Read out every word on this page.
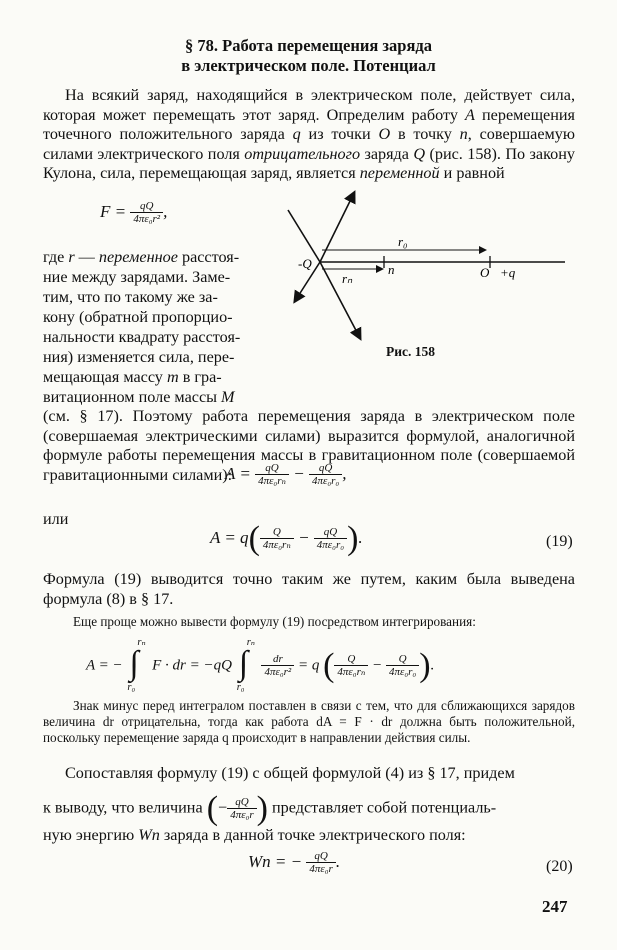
§ 78. Работа перемещения заряда
в электрическом поле. Потенциал
На всякий заряд, находящийся в электрическом поле, действует сила, которая может перемещать этот заряд. Определим работу A перемещения точечного положительного заряда q из точки O в точку n, совершаемую силами электрического поля отрицательного заряда Q (рис. 158). По закону Кулона, сила, перемещающая заряд, является переменной и равной
$F = \frac{qQ}{\text{4πε₀r²}}$ ,
где r — переменное расстоя-
ние между зарядами. Заме-
тим, что по такому же за-
кону (обратной пропорцио-
нальности квадрату расстоя-
ния) изменяется сила, пере-
мещающая массу m в гра-
витационном поле массы M
-Q
r₀
rₙ
n	O +q
Рис. 158
(см. § 17). Поэтому работа перемещения заряда в электрическом поле (совершаемая электрическими силами) выразится формулой, аналогичной формуле работы перемещения массы в гравитационном поле (совершаемой гравитационными силами):
$A = \frac{qQ}{\text{4πε₀rₙ}} - \frac{qQ}{\text{4πε₀r₀}}$ ,
или
$A = q( \frac{Q}{\text{4πε₀rₙ}} - \frac{qQ}{\text{4πε₀r₀}}$ ).	(19)
Формула (19) выводится точно таким же путем, каким была выведена формула (8) в § 17.
Еще проще можно вывести формулу (19) посредством интегрирования:
A = − ∫
rₙ
r₀
F · dr = −qQ ∫
rₙ
r₀

$\frac{dr}{\text{4πε₀r²}} = q$ ( $\frac{Q}{\text{4πε₀rₙ}} - \frac{Q}{\text{4πε₀r₀}}$ ).
Знак минус перед интегралом поставлен в связи с тем, что для сближающихся зарядов величина dr отрицательна, тогда как работа dA = F · dr должна быть положительной, поскольку перемещение заряда q происходит в направлении действия силы.
Сопоставляя формулу (19) с общей формулой (4) из § 17, придем
к выводу, что величина (− $\frac{qQ}{\text{4πε₀r}}$ ) представляет собой потенциаль-
ную энергию Wп заряда в данной точке электрического поля:
Wп = − $\frac{qQ}{\text{4πε₀r}}$ .	(20)
247
